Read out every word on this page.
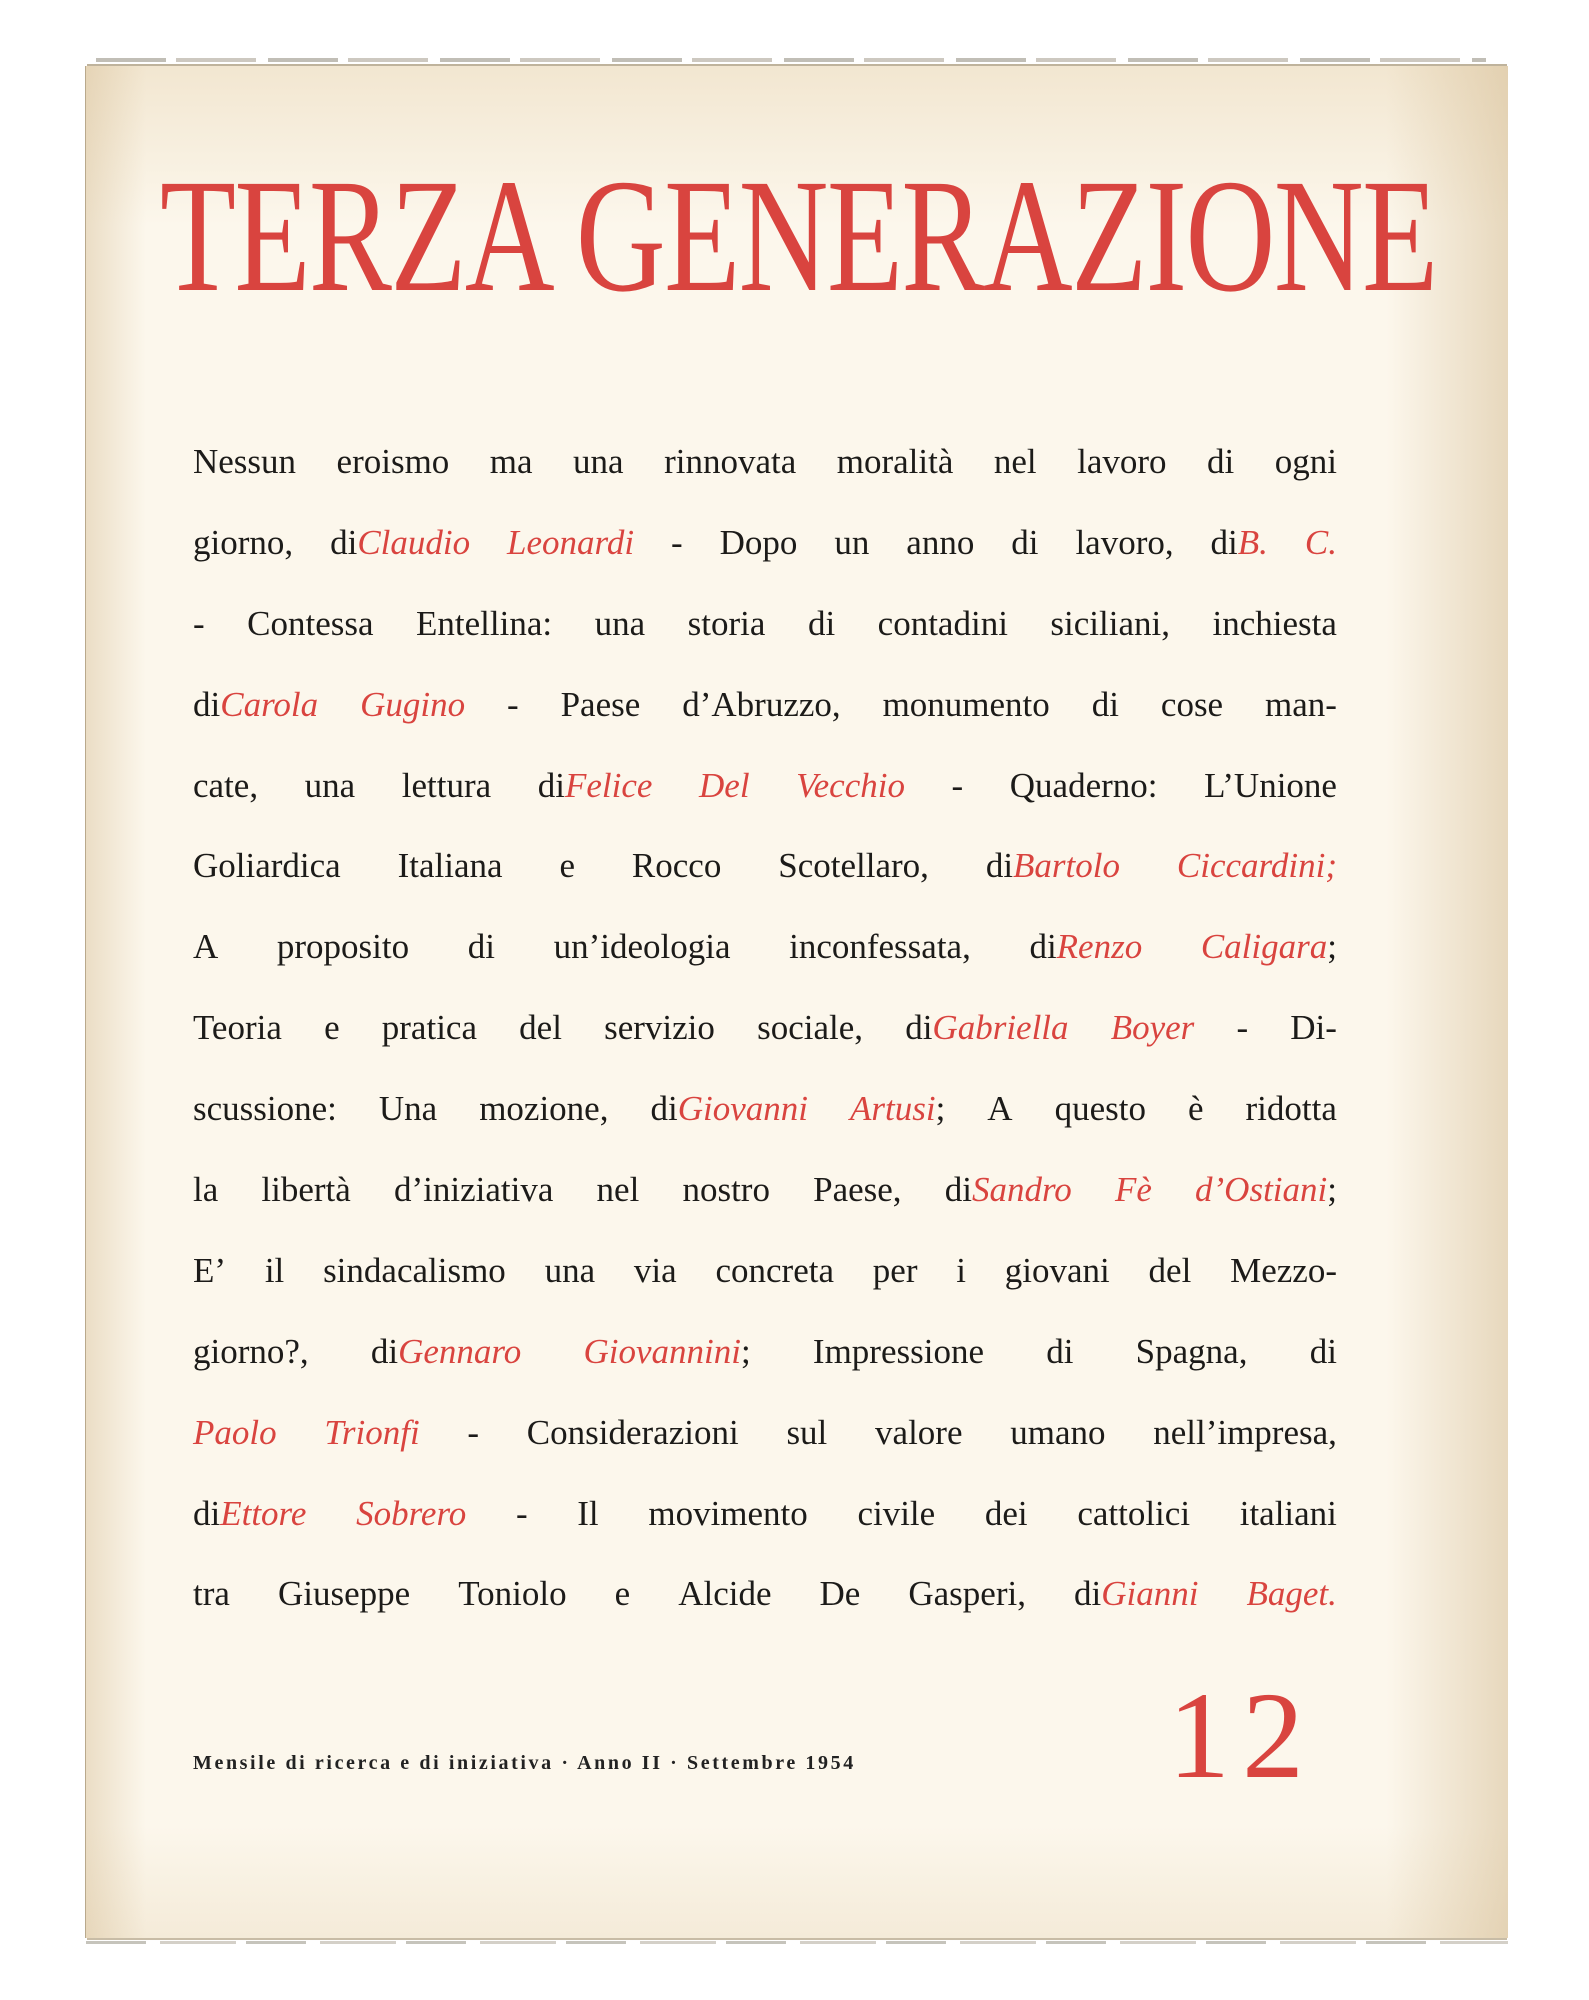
TERZA GENERAZIONE
Nessun eroismo ma una rinnovata moralità nel lavoro di ogni
giorno, diClaudio Leonardi - Dopo un anno di lavoro, diB. C.
- Contessa Entellina: una storia di contadini siciliani, inchiesta
diCarola Gugino - Paese d’Abruzzo, monumento di cose man-
cate, una lettura diFelice Del Vecchio - Quaderno: L’Unione
Goliardica Italiana e Rocco Scotellaro, diBartolo Ciccardini;
A proposito di un’ideologia inconfessata, diRenzo Caligara;
Teoria e pratica del servizio sociale, diGabriella Boyer - Di-
scussione: Una mozione, diGiovanni Artusi; A questo è ridotta
la libertà d’iniziativa nel nostro Paese, diSandro Fè d’Ostiani;
E’ il sindacalismo una via concreta per i giovani del Mezzo-
giorno?, diGennaro Giovannini; Impressione di Spagna, di
Paolo Trionfi - Considerazioni sul valore umano nell’impresa,
diEttore Sobrero - Il movimento civile dei cattolici italiani
tra Giuseppe Toniolo e Alcide De Gasperi, diGianni Baget.
Mensile di ricerca e di iniziativa · Anno II · Settembre 1954	12
